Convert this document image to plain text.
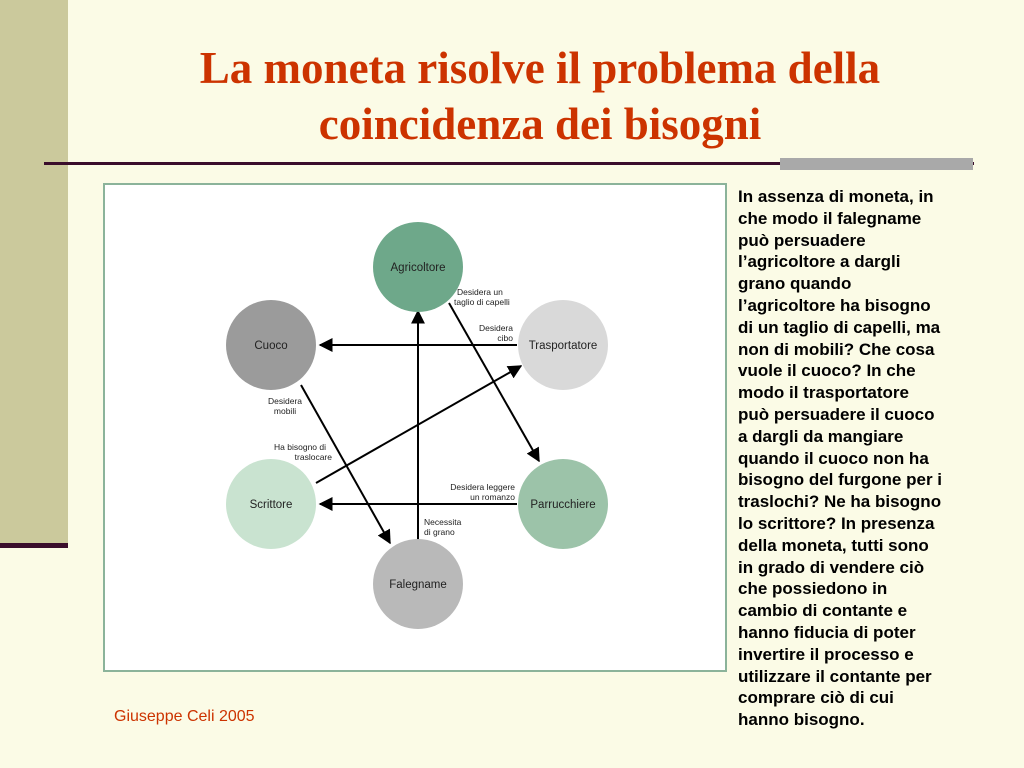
La moneta risolve il problema della
coincidenza dei bisogni
Agricoltore
Trasportatore
Parrucchiere
Falegname
Scrittore
Cuoco
Desidera un
taglio di capelli
Desidera
cibo
Desidera
mobili
Ha bisogno di
traslocare
Desidera leggere
un romanzo
Necessita
di grano
In assenza di moneta, in
che modo il falegname
può persuadere
l’agricoltore a dargli
grano quando
l’agricoltore ha bisogno
di un taglio di capelli, ma
non di mobili? Che cosa
vuole il cuoco? In che
modo il trasportatore
può persuadere il cuoco
a dargli da mangiare
quando il cuoco non ha
bisogno del furgone per i
traslochi? Ne ha bisogno
lo scrittore? In presenza
della moneta, tutti sono
in grado di vendere ciò
che possiedono in
cambio di contante e
hanno fiducia di poter
invertire il processo e
utilizzare il contante per
comprare ciò di cui
hanno bisogno.
Giuseppe Celi 2005
